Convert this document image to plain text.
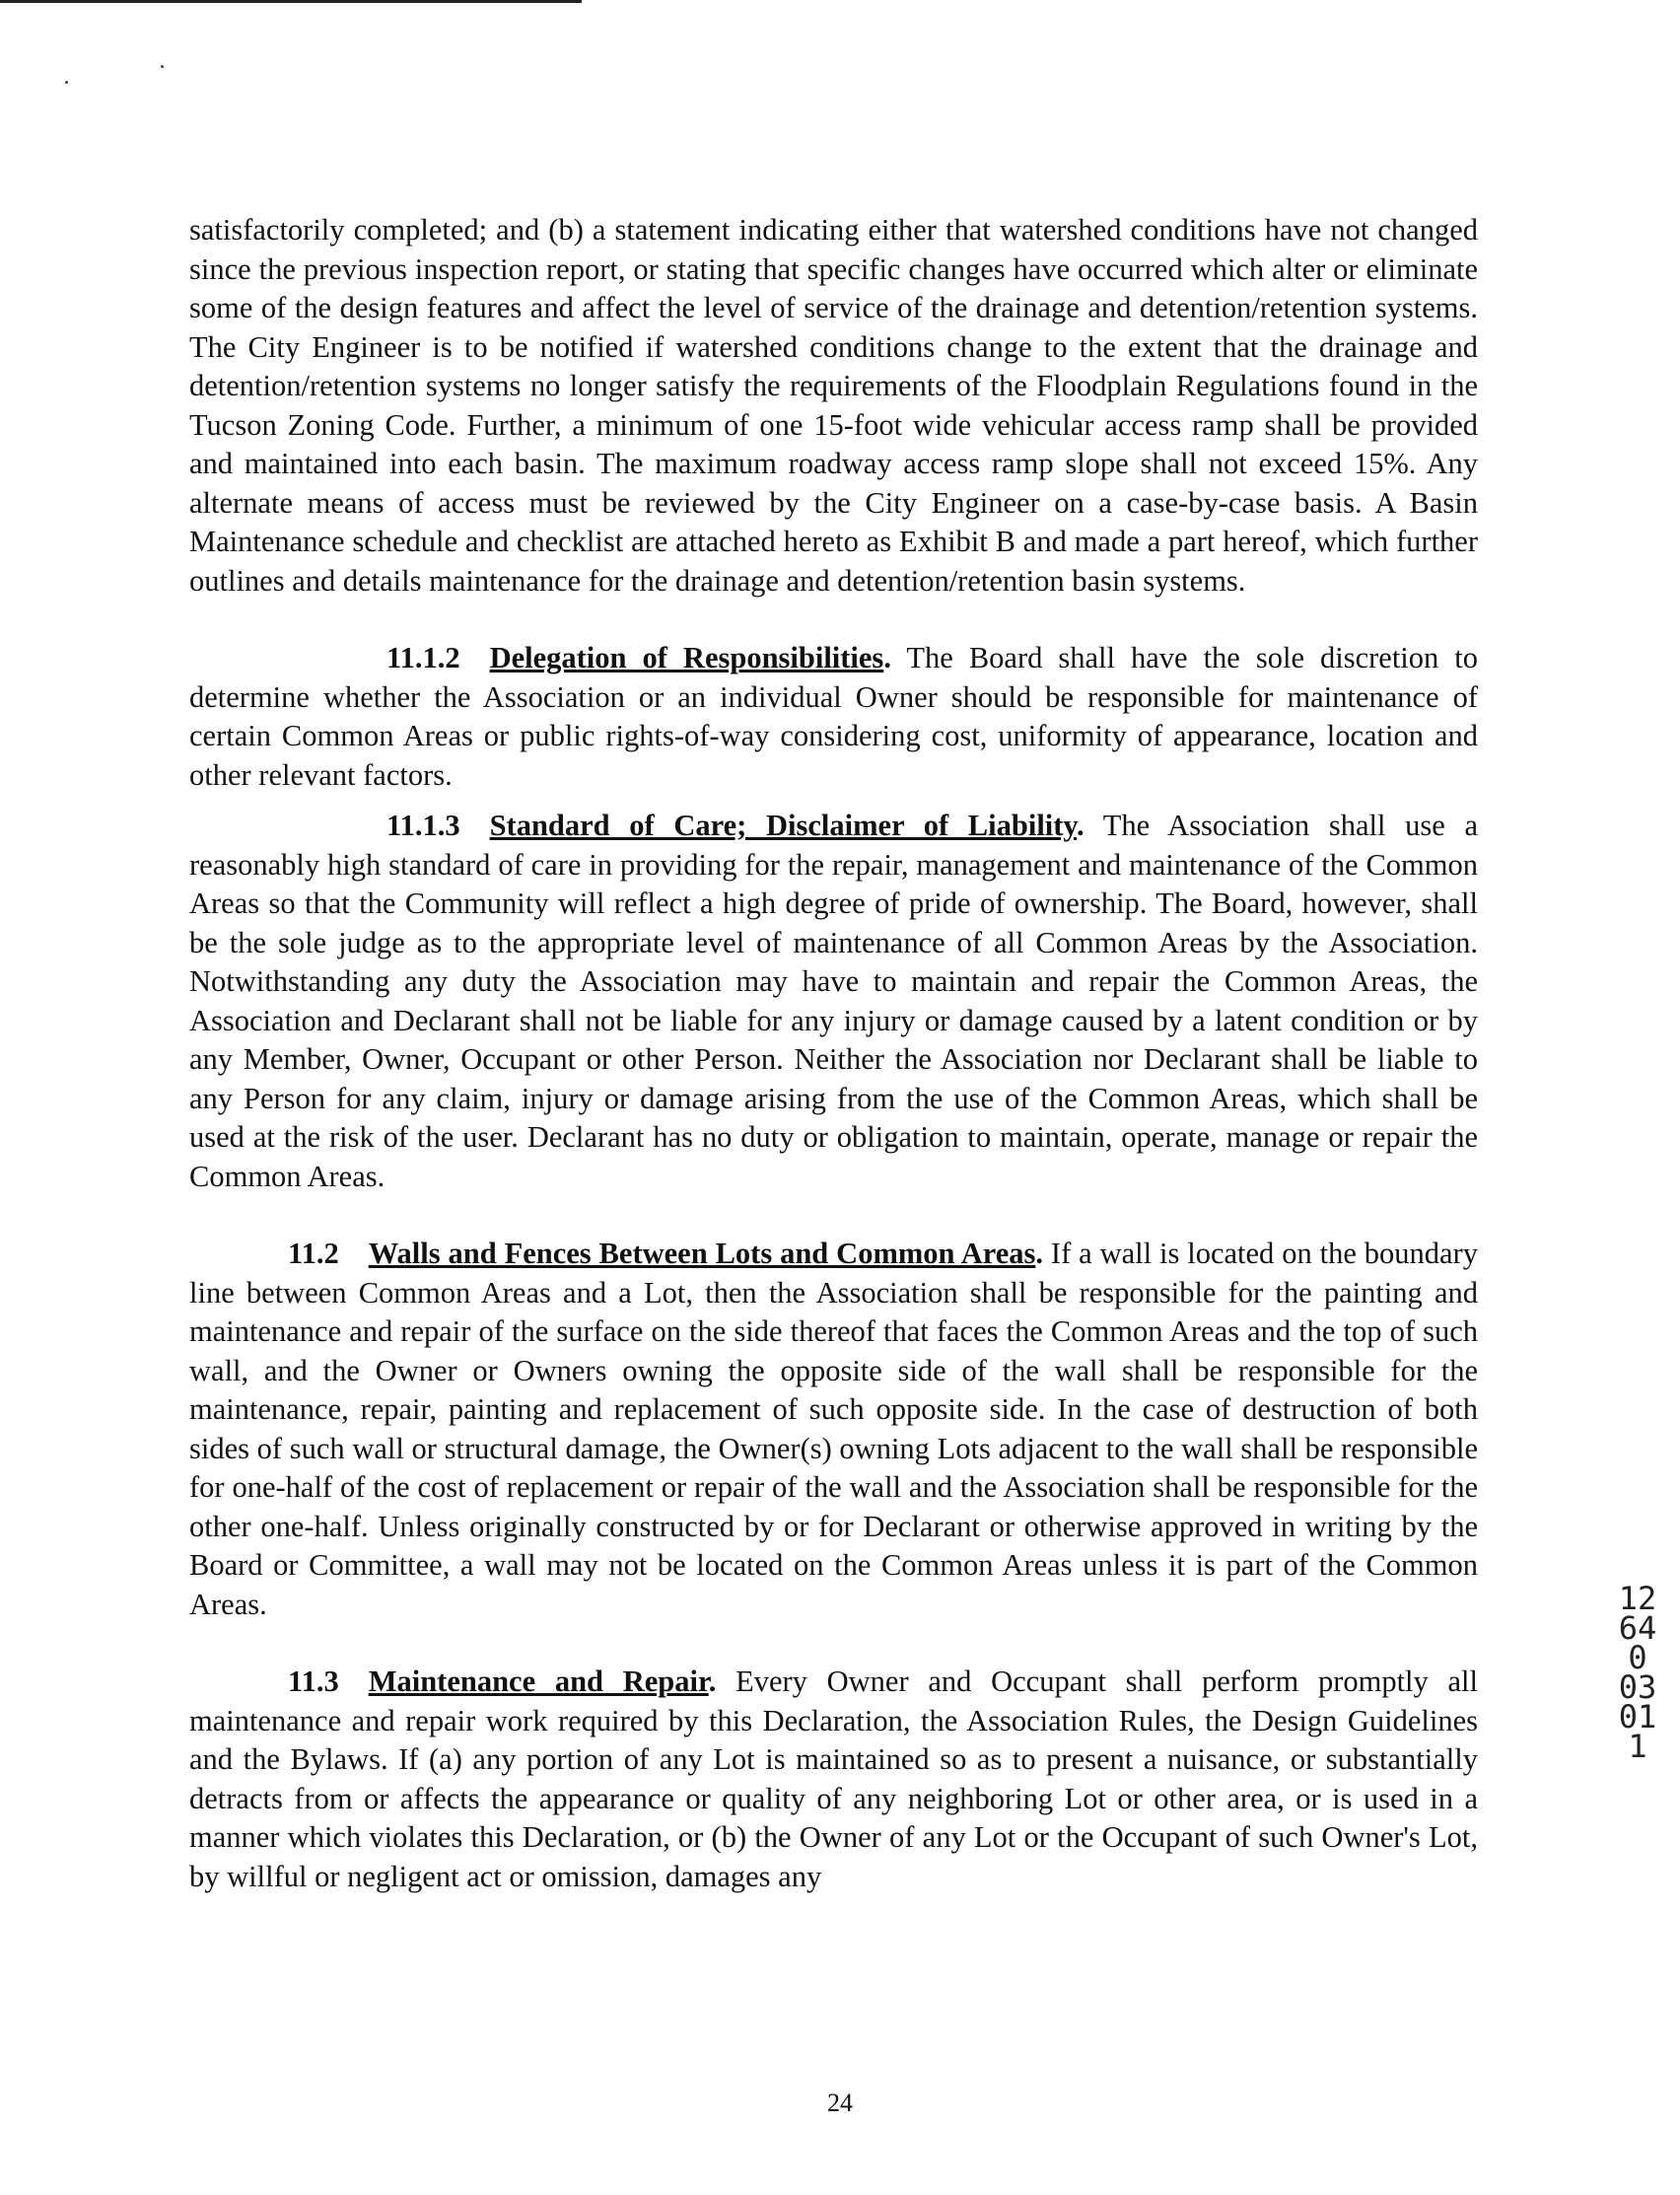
satisfactorily completed; and (b) a statement indicating either that watershed conditions have not changed since the previous inspection report, or stating that specific changes have occurred which alter or eliminate some of the design features and affect the level of service of the drainage and detention/retention systems. The City Engineer is to be notified if watershed conditions change to the extent that the drainage and detention/retention systems no longer satisfy the requirements of the Floodplain Regulations found in the Tucson Zoning Code. Further, a minimum of one 15-foot wide vehicular access ramp shall be provided and maintained into each basin. The maximum roadway access ramp slope shall not exceed 15%. Any alternate means of access must be reviewed by the City Engineer on a case-by-case basis. A Basin Maintenance schedule and checklist are attached hereto as Exhibit B and made a part hereof, which further outlines and details maintenance for the drainage and detention/retention basin systems.

11.1.2 Delegation of Responsibilities. The Board shall have the sole discretion to determine whether the Association or an individual Owner should be responsible for maintenance of certain Common Areas or public rights-of-way considering cost, uniformity of appearance, location and other relevant factors.

11.1.3 Standard of Care; Disclaimer of Liability. The Association shall use a reasonably high standard of care in providing for the repair, management and maintenance of the Common Areas so that the Community will reflect a high degree of pride of ownership. The Board, however, shall be the sole judge as to the appropriate level of maintenance of all Common Areas by the Association. Notwithstanding any duty the Association may have to maintain and repair the Common Areas, the Association and Declarant shall not be liable for any injury or damage caused by a latent condition or by any Member, Owner, Occupant or other Person. Neither the Association nor Declarant shall be liable to any Person for any claim, injury or damage arising from the use of the Common Areas, which shall be used at the risk of the user. Declarant has no duty or obligation to maintain, operate, manage or repair the Common Areas.

11.2 Walls and Fences Between Lots and Common Areas. If a wall is located on the boundary line between Common Areas and a Lot, then the Association shall be responsible for the painting and maintenance and repair of the surface on the side thereof that faces the Common Areas and the top of such wall, and the Owner or Owners owning the opposite side of the wall shall be responsible for the maintenance, repair, painting and replacement of such opposite side. In the case of destruction of both sides of such wall or structural damage, the Owner(s) owning Lots adjacent to the wall shall be responsible for one-half of the cost of replacement or repair of the wall and the Association shall be responsible for the other one-half. Unless originally constructed by or for Declarant or otherwise approved in writing by the Board or Committee, a wall may not be located on the Common Areas unless it is part of the Common Areas.

11.3 Maintenance and Repair. Every Owner and Occupant shall perform promptly all maintenance and repair work required by this Declaration, the Association Rules, the Design Guidelines and the Bylaws. If (a) any portion of any Lot is maintained so as to present a nuisance, or substantially detracts from or affects the appearance or quality of any neighboring Lot or other area, or is used in a manner which violates this Declaration, or (b) the Owner of any Lot or the Occupant of such Owner's Lot, by willful or negligent act or omission, damages any

12640 03011
24
